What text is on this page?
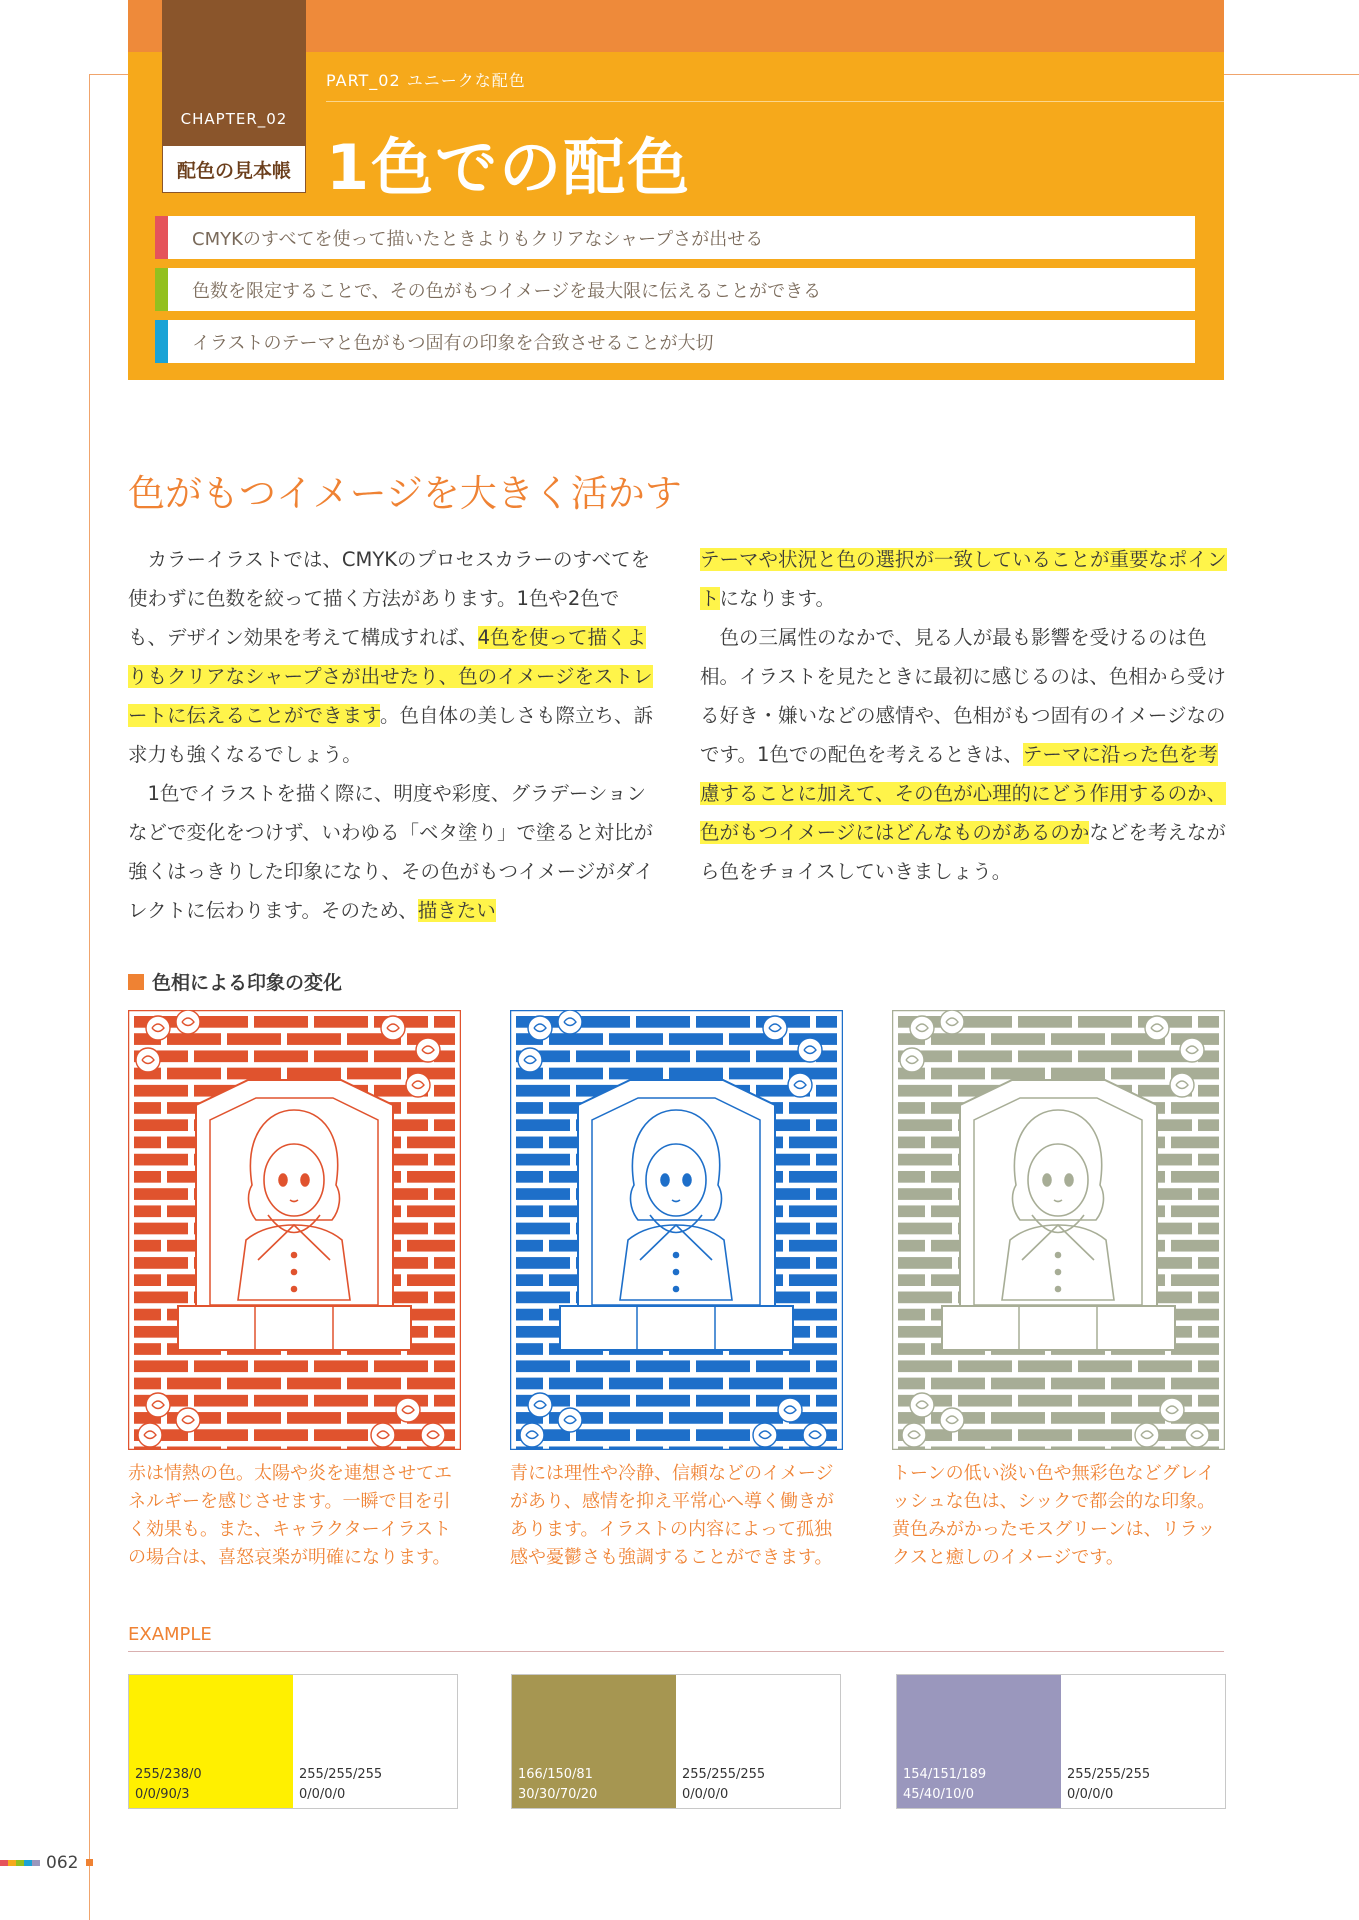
CHAPTER_02
配色の見本帳
PART_02 ユニークな配色
1色での配色
CMYKのすべてを使って描いたときよりもクリアなシャープさが出せる
色数を限定することで、その色がもつイメージを最大限に伝えることができる
イラストのテーマと色がもつ固有の印象を合致させることが大切
色がもつイメージを大きく活かす

カラーイラストでは、CMYKのプロセスカラーのすべてを使わずに色数を絞って描く方法があります。1色や2色でも、デザイン効果を考えて構成すれば、4色を使って描くよりもクリアなシャープさが出せたり、色のイメージをストレートに伝えることができます。色自体の美しさも際立ち、訴求力も強くなるでしょう。

1色でイラストを描く際に、明度や彩度、グラデーションなどで変化をつけず、いわゆる「ベタ塗り」で塗ると対比が強くはっきりした印象になり、その色がもつイメージがダイレクトに伝わります。そのため、描きたい

テーマや状況と色の選択が一致していることが重要なポイントになります。

色の三属性のなかで、見る人が最も影響を受けるのは色相。イラストを見たときに最初に感じるのは、色相から受ける好き・嫌いなどの感情や、色相がもつ固有のイメージなのです。1色での配色を考えるときは、テーマに沿った色を考慮することに加えて、その色が心理的にどう作用するのか、色がもつイメージにはどんなものがあるのかなどを考えながら色をチョイスしていきましょう。

色相による印象の変化
赤は情熱の色。太陽や炎を連想させてエネルギーを感じさせます。一瞬で目を引く効果も。また、キャラクターイラストの場合は、喜怒哀楽が明確になります。
青には理性や冷静、信頼などのイメージがあり、感情を抑え平常心へ導く働きがあります。イラストの内容によって孤独感や憂鬱さも強調することができます。
トーンの低い淡い色や無彩色などグレイッシュな色は、シックで都会的な印象。黄色みがかったモスグリーンは、リラックスと癒しのイメージです。
EXAMPLE
255/238/0
0/0/90/3
255/255/255
0/0/0/0
166/150/81
30/30/70/20
255/255/255
0/0/0/0
154/151/189
45/40/10/0
255/255/255
0/0/0/0
062
